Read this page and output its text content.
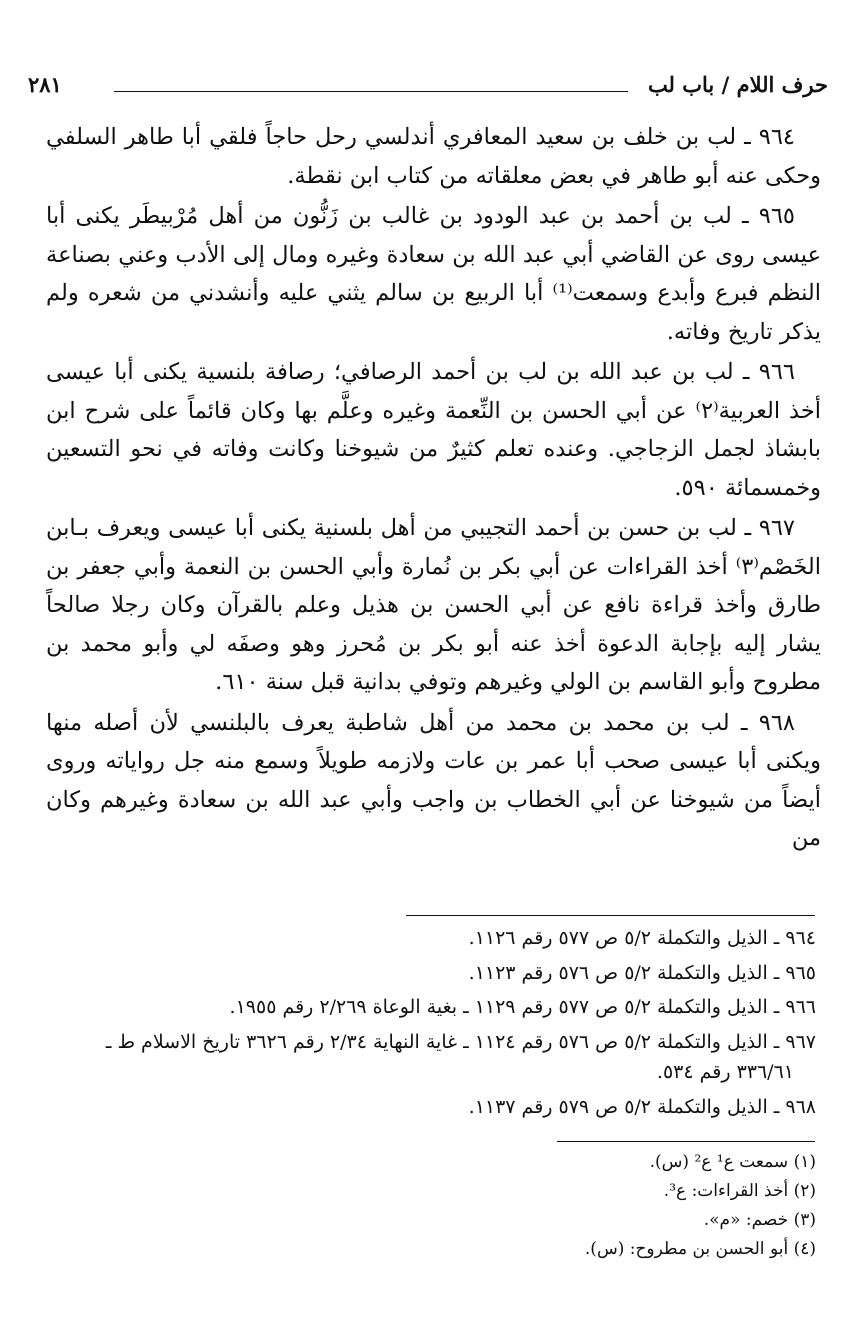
حرف اللام / باب لب
٢٨١

٩٦٤ ـ لب بن خلف بن سعيد المعافري أندلسي رحل حاجاً فلقي أبا طاهر السلفي وحكى عنه أبو طاهر في بعض معلقاته من كتاب ابن نقطة.

٩٦٥ ـ لب بن أحمد بن عبد الودود بن غالب بن زَنُّون من أهل مُرْبيطَر يكنى أبا عيسى روى عن القاضي أبي عبد الله بن سعادة وغيره ومال إلى الأدب وعني بصناعة النظم فبرع وأبدع وسمعت⁽¹⁾ أبا الربيع بن سالم يثني عليه وأنشدني من شعره ولم يذكر تاريخ وفاته.

٩٦٦ ـ لب بن عبد الله بن لب بن أحمد الرصافي؛ رصافة بلنسية يكنى أبا عيسى أخذ العربية⁽٢⁾ عن أبي الحسن بن النِّعمة وغيره وعلَّم بها وكان قائماً على شرح ابن بابشاذ لجمل الزجاجي. وعنده تعلم كثيرٌ من شيوخنا وكانت وفاته في نحو التسعين وخمسمائة ٥٩٠.

٩٦٧ ـ لب بن حسن بن أحمد التجيبي من أهل بلسنية يكنى أبا عيسى ويعرف بـابن الخَصْم⁽٣⁾ أخذ القراءات عن أبي بكر بن نُمارة وأبي الحسن بن النعمة وأبي جعفر بن طارق وأخذ قراءة نافع عن أبي الحسن بن هذيل وعلم بالقرآن وكان رجلا صالحاً يشار إليه بإجابة الدعوة أخذ عنه أبو بكر بن مُحرز وهو وصفَه لي وأبو محمد بن مطروح وأبو القاسم بن الولي وغيرهم وتوفي بدانية قبل سنة ٦١٠.

٩٦٨ ـ لب بن محمد بن محمد من أهل شاطبة يعرف بالبلنسي لأن أصله منها ويكنى أبا عيسى صحب أبا عمر بن عات ولازمه طويلاً وسمع منه جل رواياته وروى أيضاً من شيوخنا عن أبي الخطاب بن واجب وأبي عبد الله بن سعادة وغيرهم وكان من

٩٦٤ ـ الذيل والتكملة ٥/٢ ص ٥٧٧ رقم ١١٢٦.
٩٦٥ ـ الذيل والتكملة ٥/٢ ص ٥٧٦ رقم ١١٢٣.
٩٦٦ ـ الذيل والتكملة ٥/٢ ص ٥٧٧ رقم ١١٢٩ ـ بغية الوعاة ٢/٢٦٩ رقم ١٩٥٥.
٩٦٧ ـ الذيل والتكملة ٥/٢ ص ٥٧٦ رقم ١١٢٤ ـ غاية النهاية ٢/٣٤ رقم ٣٦٢٦ تاريخ الاسلام ط ـ
٣٣٦/٦١ رقم ٥٣٤.
٩٦٨ ـ الذيل والتكملة ٥/٢ ص ٥٧٩ رقم ١١٣٧.
(١) سمعت ع¹ ع² (س).
(٢) أخذ القراءات: ع³.
(٣) خصم: «م».
(٤) أبو الحسن بن مطروح: (س).
